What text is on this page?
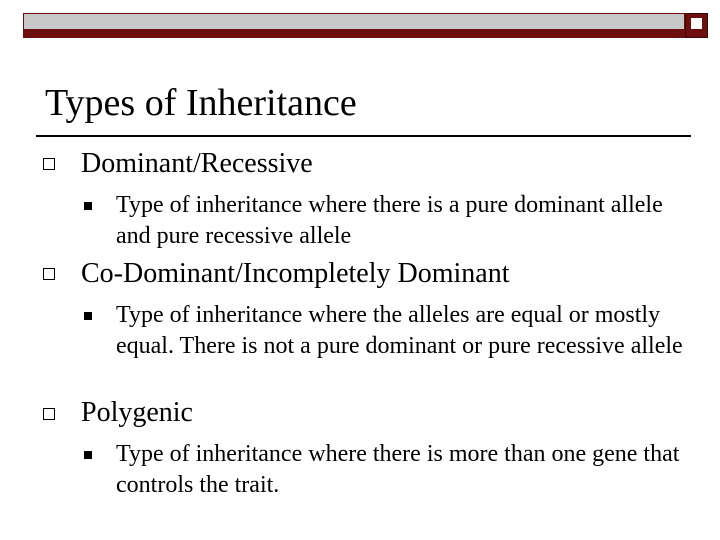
Types of Inheritance
Dominant/Recessive
Type of inheritance where there is a pure dominant allele and pure recessive allele
Co-Dominant/Incompletely Dominant
Type of inheritance where the alleles are equal or mostly equal. There is not a pure dominant or pure recessive allele
Polygenic
Type of inheritance where there is more than one gene that controls the trait.
